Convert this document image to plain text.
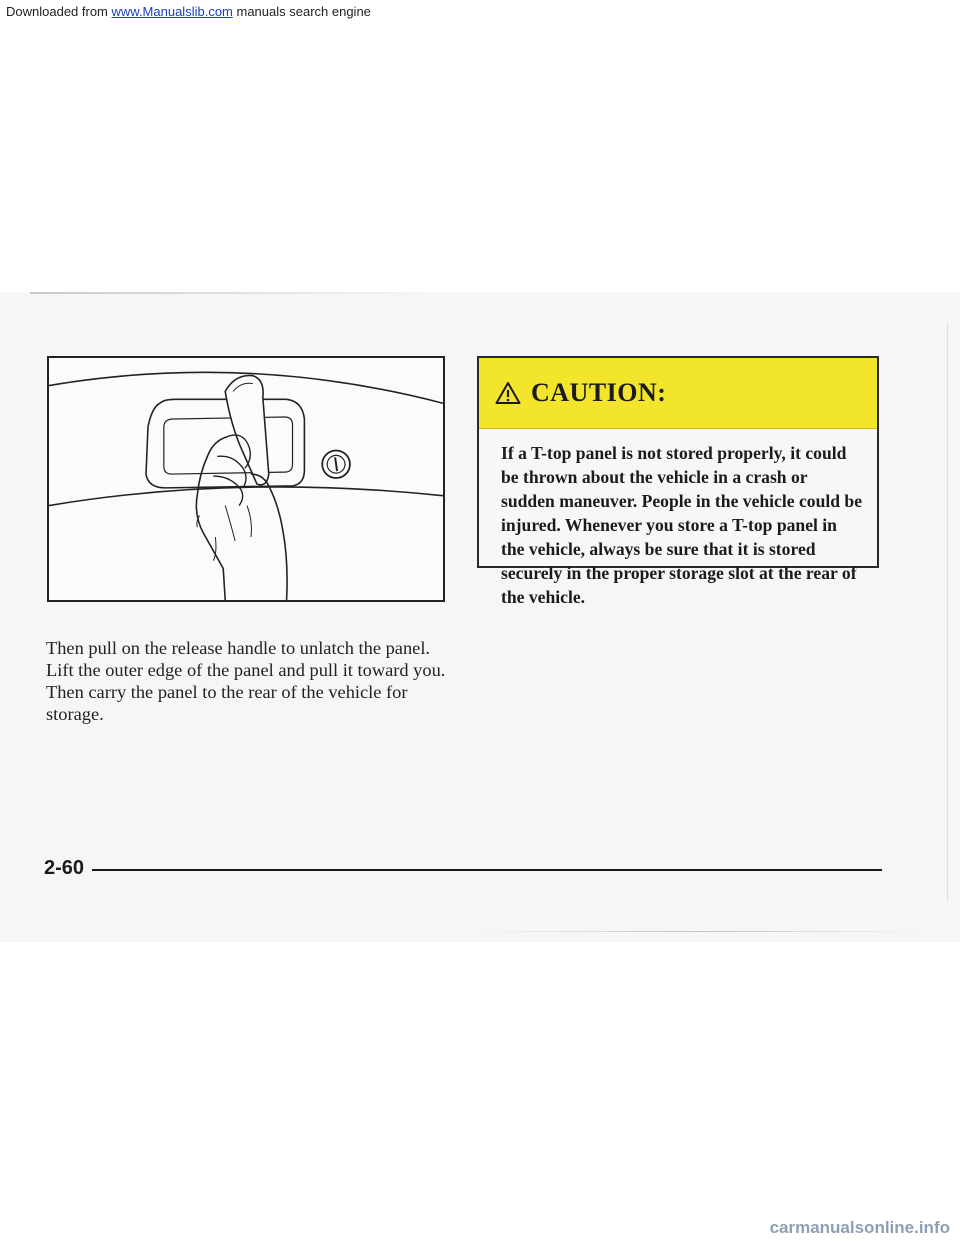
Downloaded from www.Manualslib.com manuals search engine
Then pull on the release handle to unlatch the panel. Lift the outer edge of the panel and pull it toward you. Then carry the panel to the rear of the vehicle for storage.
CAUTION:
If a T-top panel is not stored properly, it could be thrown about the vehicle in a crash or sudden maneuver. People in the vehicle could be injured. Whenever you store a T-top panel in the vehicle, always be sure that it is stored securely in the proper storage slot at the rear of the vehicle.
2-60
carmanualsonline.info
